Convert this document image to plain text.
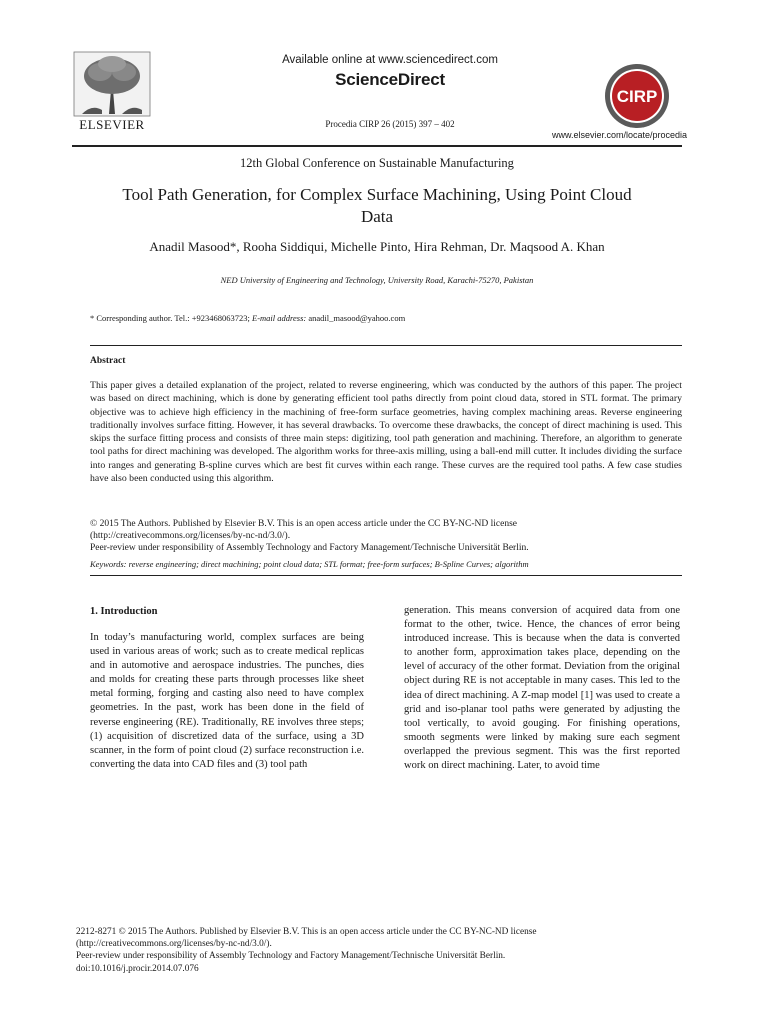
ELSEVIER
Available online at www.sciencedirect.com
ScienceDirect
Procedia CIRP 26 (2015) 397 – 402
CIRP
www.elsevier.com/locate/procedia
12th Global Conference on Sustainable Manufacturing
Tool Path Generation, for Complex Surface Machining, Using Point Cloud
Data
Anadil Masood*, Rooha Siddiqui, Michelle Pinto, Hira Rehman, Dr. Maqsood A. Khan
NED University of Engineering and Technology, University Road, Karachi-75270, Pakistan
* Corresponding author. Tel.: +923468063723; E-mail address: anadil_masood@yahoo.com
Abstract
This paper gives a detailed explanation of the project, related to reverse engineering, which was conducted by the authors of this paper. The project was based on direct machining, which is done by generating efficient tool paths directly from point cloud data, stored in STL format. The primary objective was to achieve high efficiency in the machining of free-form surface geometries, having complex machining areas. Reverse engineering traditionally involves surface fitting. However, it has several drawbacks. To overcome these drawbacks, the concept of direct machining is used. This skips the surface fitting process and consists of three main steps: digitizing, tool path generation and machining. Therefore, an algorithm to generate tool paths for direct machining was developed. The algorithm works for three-axis milling, using a ball-end mill cutter. It includes dividing the surface into ranges and generating B-spline curves which are best fit curves within each range. These curves are the required tool paths. A few case studies have also been conducted using this algorithm.
© 2015 The Authors. Published by Elsevier B.V. This is an open access article under the CC BY-NC-ND license
(http://creativecommons.org/licenses/by-nc-nd/3.0/).
Peer-review under responsibility of Assembly Technology and Factory Management/Technische Universität Berlin.
Keywords: reverse engineering; direct machining; point cloud data; STL format; free-form surfaces; B-Spline Curves; algorithm
1. Introduction
In today’s manufacturing world, complex surfaces are being used in various areas of work; such as to create medical replicas and in automotive and aerospace industries. The punches, dies and molds for creating these parts through processes like sheet metal forming, forging and casting also need to have complex geometries. In the past, work has been done in the field of reverse engineering (RE). Traditionally, RE involves three steps; (1) acquisition of discretized data of the surface, using a 3D scanner, in the form of point cloud (2) surface reconstruction i.e. converting the data into CAD files and (3) tool path
generation. This means conversion of acquired data from one format to the other, twice. Hence, the chances of error being introduced increase. This is because when the data is converted to another form, approximation takes place, depending on the level of accuracy of the other format. Deviation from the original object during RE is not acceptable in many cases. This led to the idea of direct machining. A Z-map model [1] was used to create a grid and iso-planar tool paths were generated by adjusting the tool vertically, to avoid gouging. For finishing operations, smooth segments were linked by making sure each segment overlapped the previous segment. This was the first reported work on direct machining. Later, to avoid time
2212-8271 © 2015 The Authors. Published by Elsevier B.V. This is an open access article under the CC BY-NC-ND license
(http://creativecommons.org/licenses/by-nc-nd/3.0/).
Peer-review under responsibility of Assembly Technology and Factory Management/Technische Universität Berlin.
doi:10.1016/j.procir.2014.07.076
